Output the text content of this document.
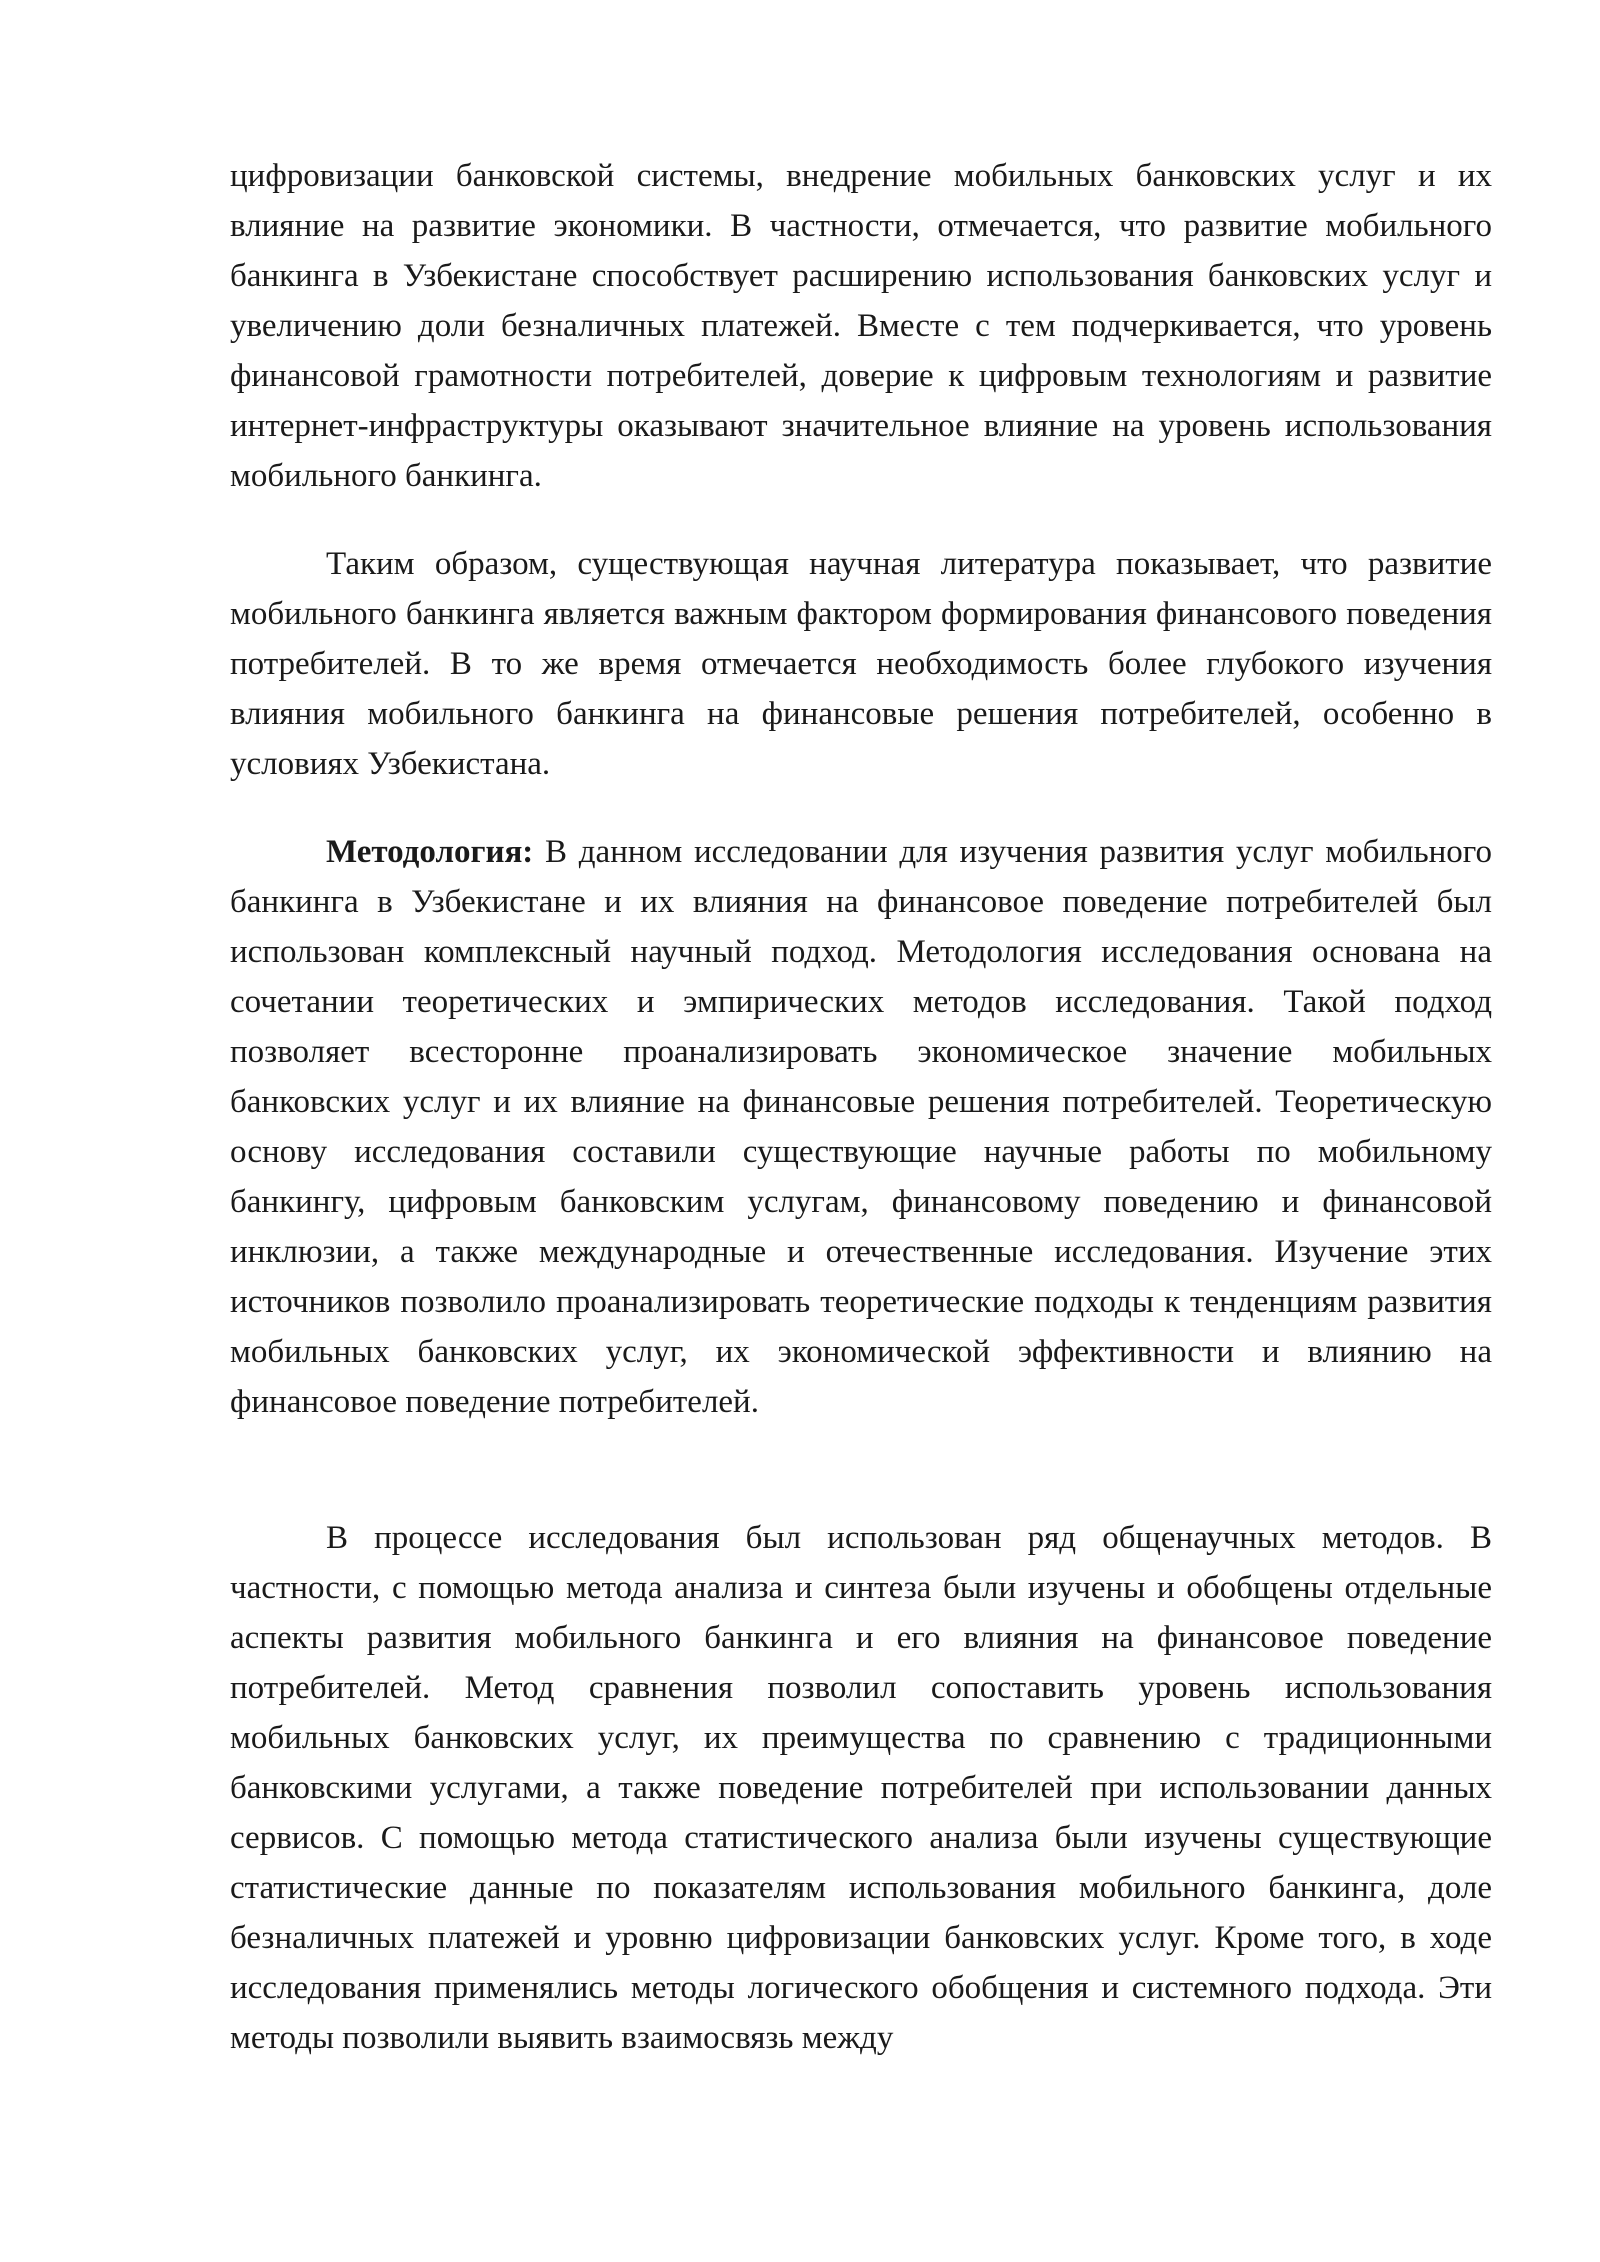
цифровизации банковской системы, внедрение мобильных банковских услуг и их влияние на развитие экономики. В частности, отмечается, что развитие мобильного банкинга в Узбекистане способствует расширению использования банковских услуг и увеличению доли безналичных платежей. Вместе с тем подчеркивается, что уровень финансовой грамотности потребителей, доверие к цифровым технологиям и развитие интернет-инфраструктуры оказывают значительное влияние на уровень использования мобильного банкинга.

Таким образом, существующая научная литература показывает, что развитие мобильного банкинга является важным фактором формирования финансового поведения потребителей. В то же время отмечается необходимость более глубокого изучения влияния мобильного банкинга на финансовые решения потребителей, особенно в условиях Узбекистана.

Методология: В данном исследовании для изучения развития услуг мобильного банкинга в Узбекистане и их влияния на финансовое поведение потребителей был использован комплексный научный подход. Методология исследования основана на сочетании теоретических и эмпирических методов исследования. Такой подход позволяет всесторонне проанализировать экономическое значение мобильных банковских услуг и их влияние на финансовые решения потребителей. Теоретическую основу исследования составили существующие научные работы по мобильному банкингу, цифровым банковским услугам, финансовому поведению и финансовой инклюзии, а также международные и отечественные исследования. Изучение этих источников позволило проанализировать теоретические подходы к тенденциям развития мобильных банковских услуг, их экономической эффективности и влиянию на финансовое поведение потребителей.

В процессе исследования был использован ряд общенаучных методов. В частности, с помощью метода анализа и синтеза были изучены и обобщены отдельные аспекты развития мобильного банкинга и его влияния на финансовое поведение потребителей. Метод сравнения позволил сопоставить уровень использования мобильных банковских услуг, их преимущества по сравнению с традиционными банковскими услугами, а также поведение потребителей при использовании данных сервисов. С помощью метода статистического анализа были изучены существующие статистические данные по показателям использования мобильного банкинга, доле безналичных платежей и уровню цифровизации банковских услуг. Кроме того, в ходе исследования применялись методы логического обобщения и системного подхода. Эти методы позволили выявить взаимосвязь между
